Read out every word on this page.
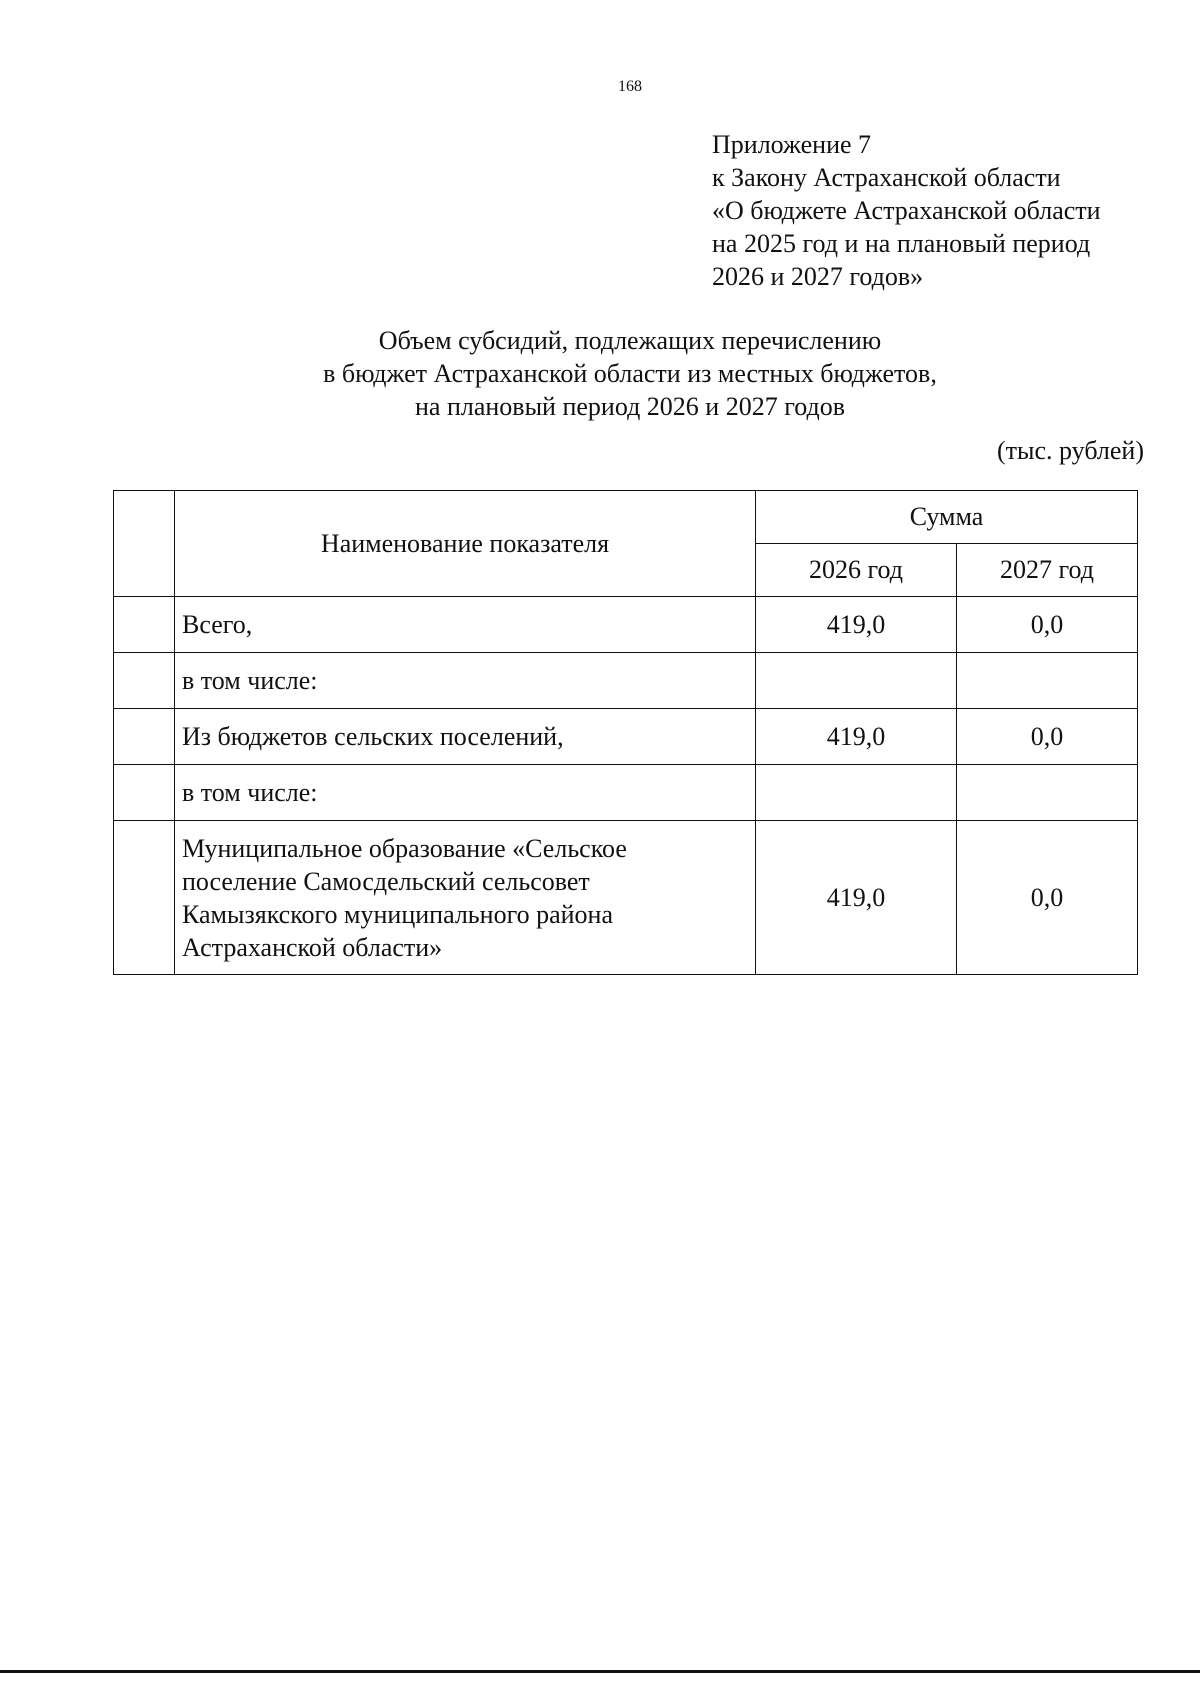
168
Приложение 7
к Закону Астраханской области
«О бюджете Астраханской области
на 2025 год и на плановый период
2026 и 2027 годов»
Объем субсидий, подлежащих перечислению
в бюджет Астраханской области из местных бюджетов,
на плановый период 2026 и 2027 годов
(тыс. рублей)
	Наименование показателя	Сумма	
		2026 год	2027 год
	Всего,	419,0	0,0
	в том числе:		
	Из бюджетов сельских поселений,	419,0	0,0
	в том числе:		

	Муниципальное образование «Сельское
поселение Самосдельский сельсовет
Камызякского муниципального района
Астраханской области»	419,0	0,0
